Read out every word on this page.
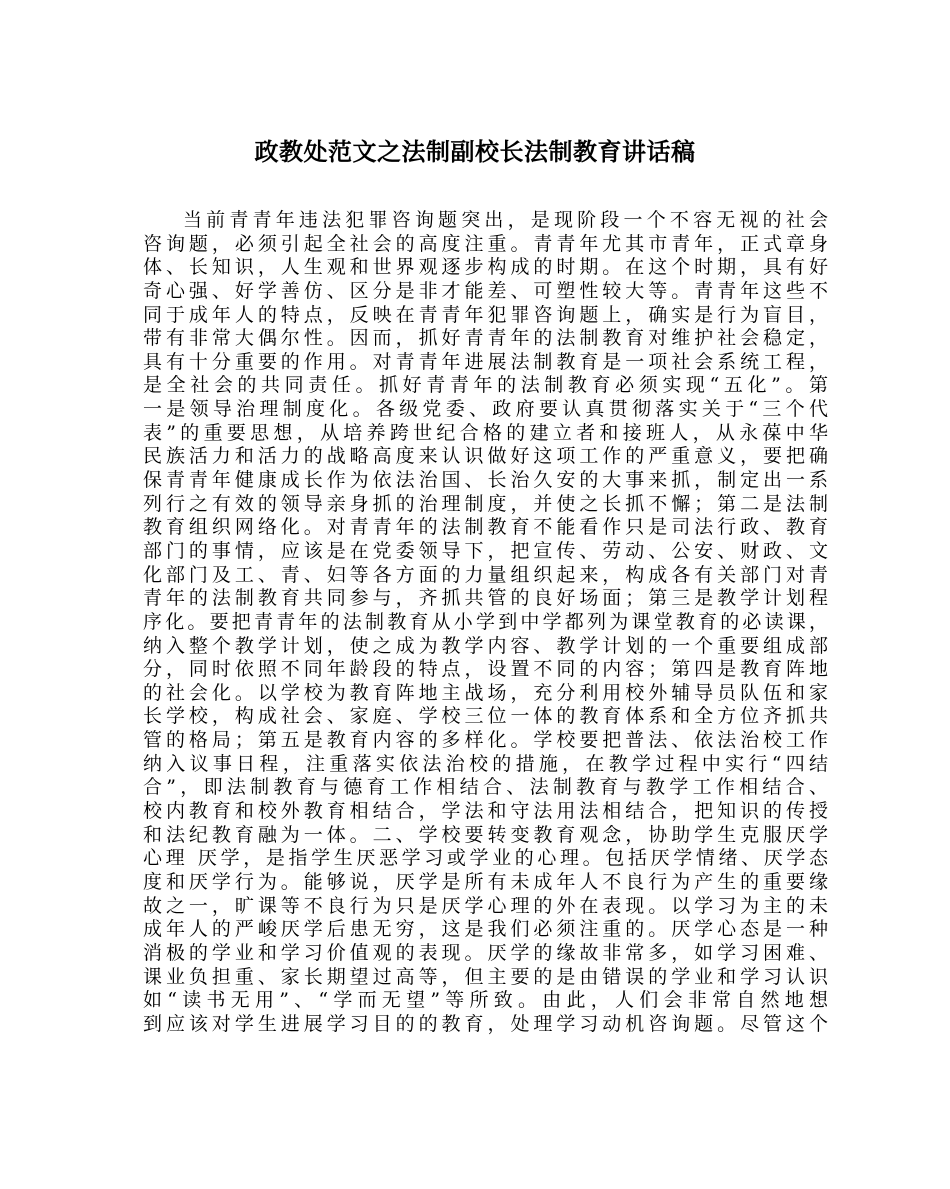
政教处范文之法制副校长法制教育讲话稿
当前青青年违法犯罪咨询题突出，是现阶段一个不容无视的社会
咨询题，必须引起全社会的高度注重。青青年尤其市青年，正式章身
体、长知识，人生观和世界观逐步构成的时期。在这个时期，具有好
奇心强、好学善仿、区分是非才能差、可塑性较大等。青青年这些不
同于成年人的特点，反映在青青年犯罪咨询题上，确实是行为盲目，
带有非常大偶尔性。因而，抓好青青年的法制教育对维护社会稳定，
具有十分重要的作用。对青青年进展法制教育是一项社会系统工程，
是全社会的共同责任。抓好青青年的法制教育必须实现“五化”。第
一是领导治理制度化。各级党委、政府要认真贯彻落实关于“三个代
表”的重要思想，从培养跨世纪合格的建立者和接班人，从永葆中华
民族活力和活力的战略高度来认识做好这项工作的严重意义，要把确
保青青年健康成长作为依法治国、长治久安的大事来抓，制定出一系
列行之有效的领导亲身抓的治理制度，并使之长抓不懈；第二是法制
教育组织网络化。对青青年的法制教育不能看作只是司法行政、教育
部门的事情，应该是在党委领导下，把宣传、劳动、公安、财政、文
化部门及工、青、妇等各方面的力量组织起来，构成各有关部门对青
青年的法制教育共同参与，齐抓共管的良好场面；第三是教学计划程
序化。要把青青年的法制教育从小学到中学都列为课堂教育的必读课，
纳入整个教学计划，使之成为教学内容、教学计划的一个重要组成部
分，同时依照不同年龄段的特点，设置不同的内容；第四是教育阵地
的社会化。以学校为教育阵地主战场，充分利用校外辅导员队伍和家
长学校，构成社会、家庭、学校三位一体的教育体系和全方位齐抓共
管的格局；第五是教育内容的多样化。学校要把普法、依法治校工作
纳入议事日程，注重落实依法治校的措施，在教学过程中实行“四结
合”，即法制教育与德育工作相结合、法制教育与教学工作相结合、
校内教育和校外教育相结合，学法和守法用法相结合，把知识的传授
和法纪教育融为一体。二、学校要转变教育观念，协助学生克服厌学
心理 厌学，是指学生厌恶学习或学业的心理。包括厌学情绪、厌学态
度和厌学行为。能够说，厌学是所有未成年人不良行为产生的重要缘
故之一，旷课等不良行为只是厌学心理的外在表现。以学习为主的未
成年人的严峻厌学后患无穷，这是我们必须注重的。厌学心态是一种
消极的学业和学习价值观的表现。厌学的缘故非常多，如学习困难、
课业负担重、家长期望过高等，但主要的是由错误的学业和学习认识
如“读书无用”、“学而无望”等所致。由此，人们会非常自然地想
到应该对学生进展学习目的的教育，处理学习动机咨询题。尽管这个
